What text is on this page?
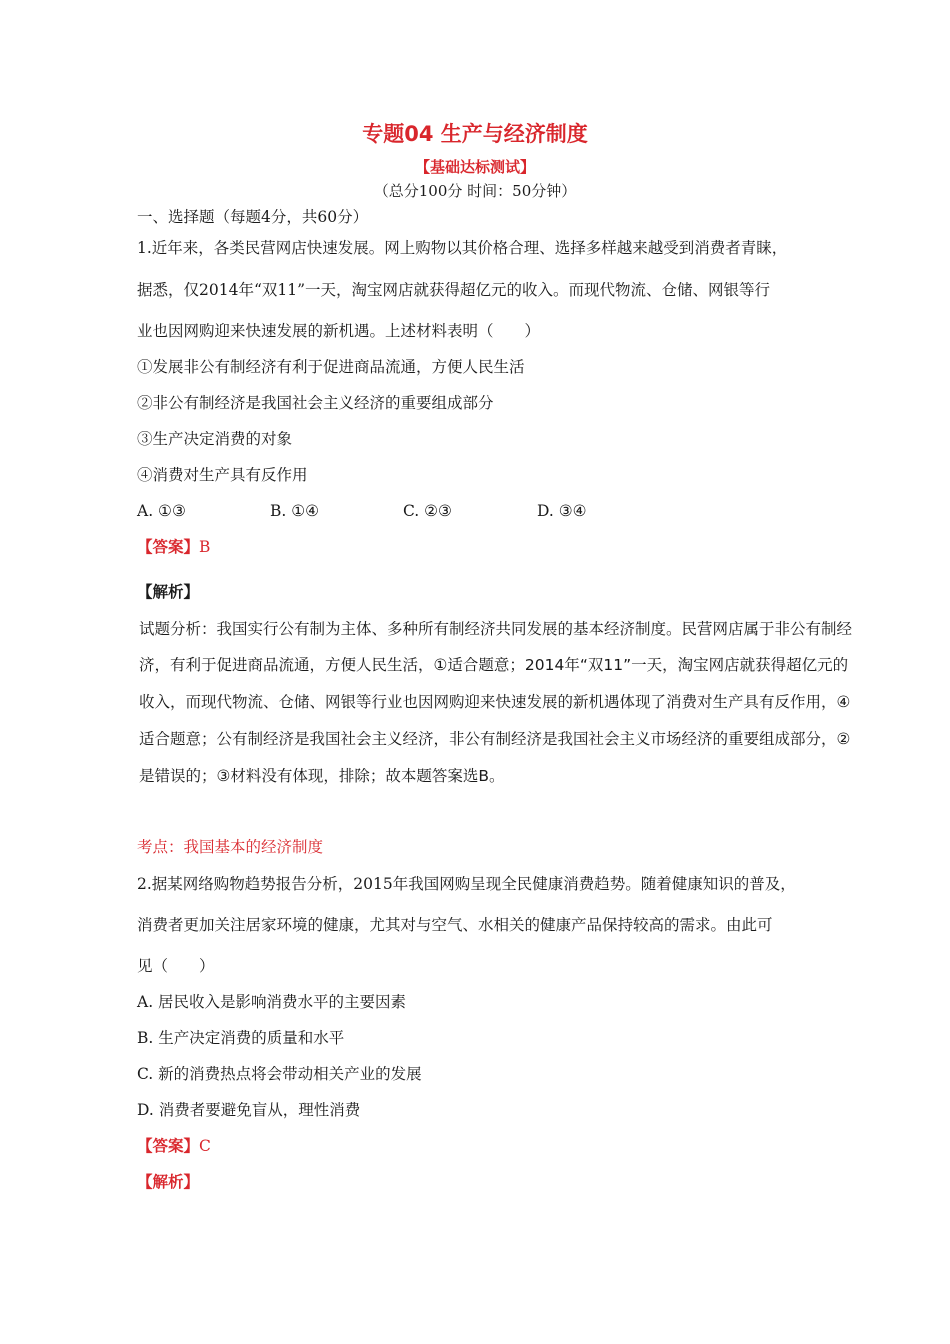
专题04 生产与经济制度
【基础达标测试】
（总分100分 时间：50分钟）
一、选择题（每题4分，共60分）
1.近年来，各类民营网店快速发展。网上购物以其价格合理、选择多样越来越受到消费者青睐，
据悉，仅2014年“双11”一天，淘宝网店就获得超亿元的收入。而现代物流、仓储、网银等行
业也因网购迎来快速发展的新机遇。上述材料表明（　　）
①发展非公有制经济有利于促进商品流通，方便人民生活
②非公有制经济是我国社会主义经济的重要组成部分
③生产决定消费的对象
④消费对生产具有反作用
A. ①③	B. ①④	C. ②③	D. ③④
【答案】B
【解析】
试题分析：我国实行公有制为主体、多种所有制经济共同发展的基本经济制度。民营网店属于非公有制经
济，有利于促进商品流通，方便人民生活，①适合题意；2014年“双11”一天，淘宝网店就获得超亿元的
收入，而现代物流、仓储、网银等行业也因网购迎来快速发展的新机遇体现了消费对生产具有反作用，④
适合题意；公有制经济是我国社会主义经济，非公有制经济是我国社会主义市场经济的重要组成部分，②
是错误的；③材料没有体现，排除；故本题答案选B。
考点：我国基本的经济制度
2.据某网络购物趋势报告分析，2015年我国网购呈现全民健康消费趋势。随着健康知识的普及，
消费者更加关注居家环境的健康，尤其对与空气、水相关的健康产品保持较高的需求。由此可
见（　　）
A. 居民收入是影响消费水平的主要因素
B. 生产决定消费的质量和水平
C. 新的消费热点将会带动相关产业的发展
D. 消费者要避免盲从，理性消费
【答案】C
【解析】
